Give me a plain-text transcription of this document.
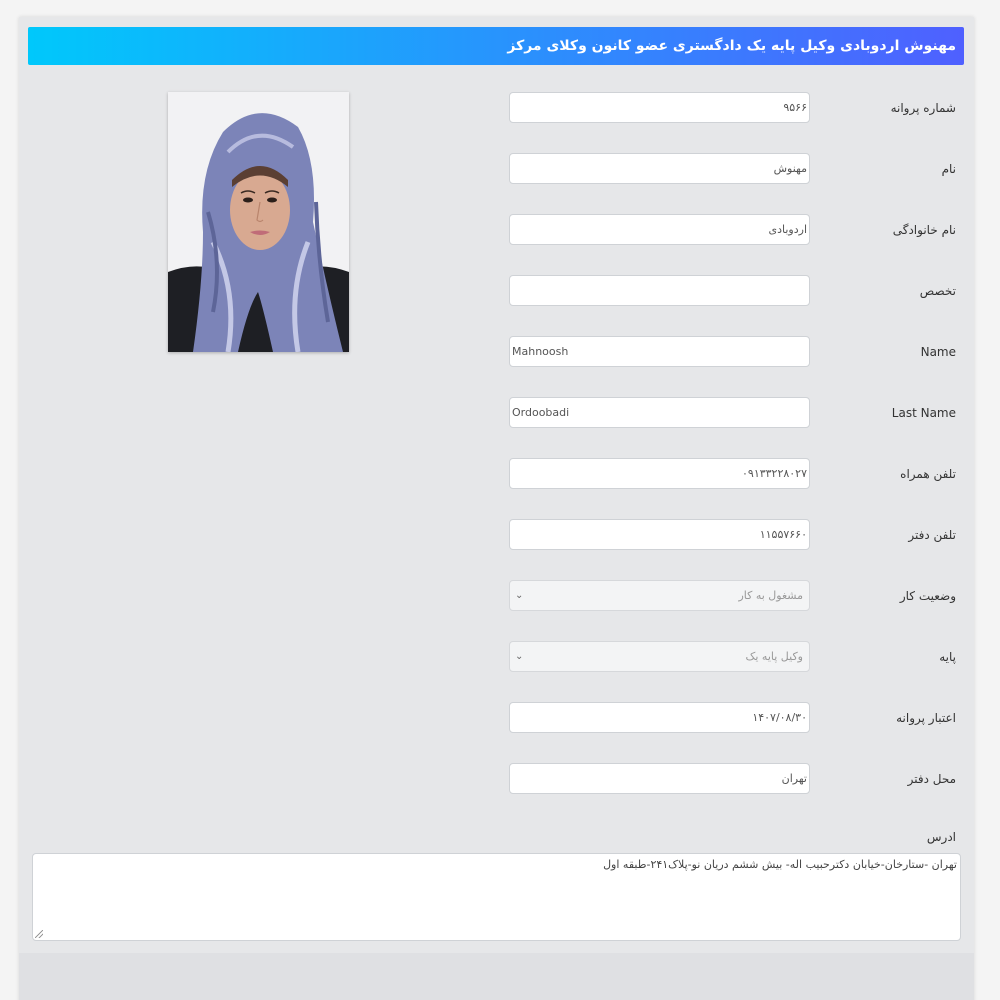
مهنوش اردوبادی وکیل پایه یک دادگستری عضو کانون وکلای مرکز
شماره پروانه
۹۵۶۶
نام
مهنوش
نام خانوادگی
اردوبادی
تخصص
Name
Mahnoosh
Last Name
Ordoobadi
تلفن همراه
۰۹۱۳۳۲۲۸۰۲۷
تلفن دفتر
۱۱۵۵۷۶۶۰
وضعیت کار
مشغول به کار
⌄
پایه
وکیل پایه یک
⌄
اعتبار پروانه
۱۴۰۷/۰۸/۳۰
محل دفتر
تهران
ادرس
تهران -ستارخان-خیابان دکترحبیب اله- بیش ششم دریان نو-پلاک۲۴۱-طبقه اول
